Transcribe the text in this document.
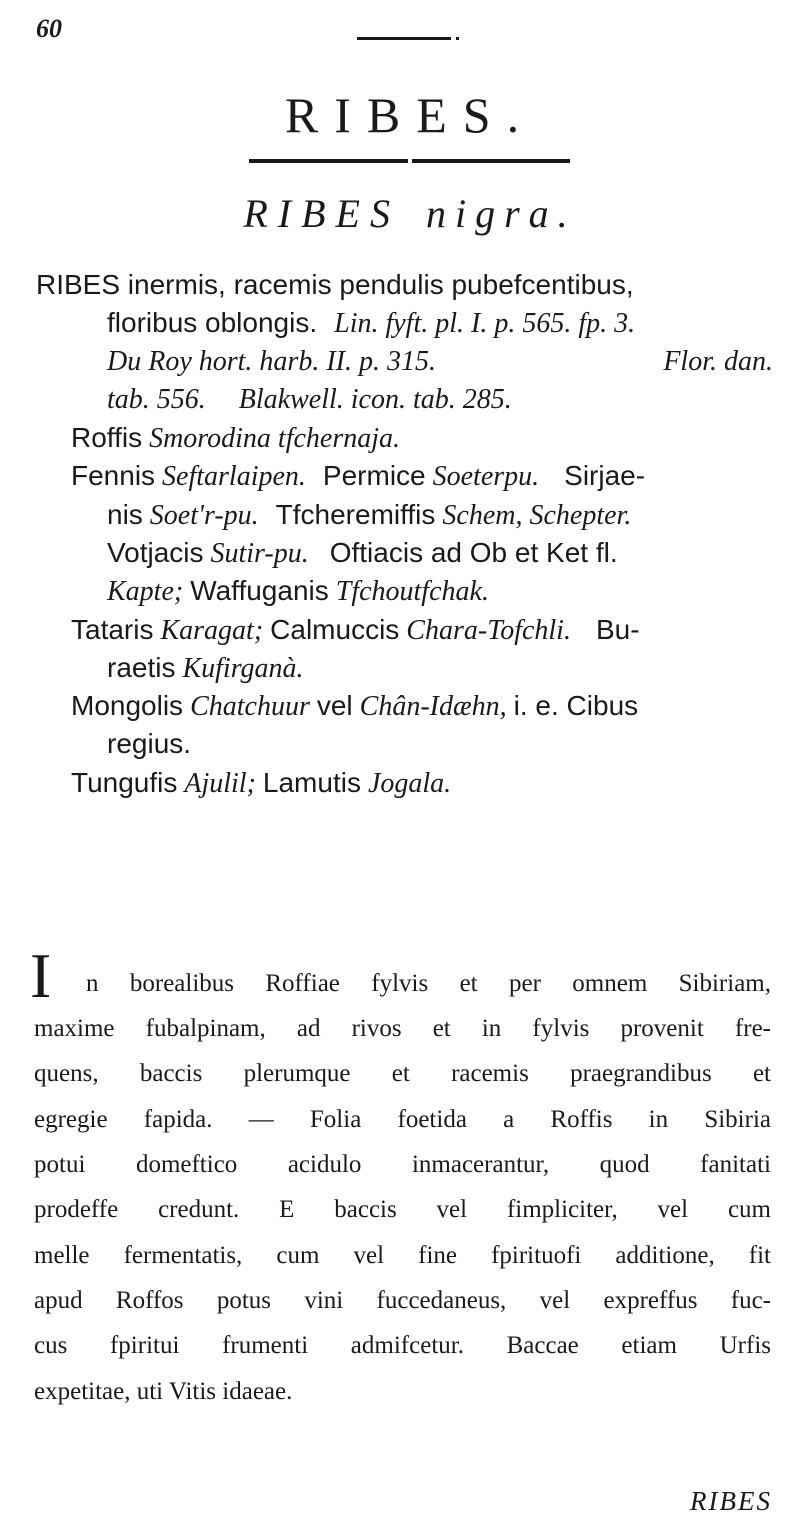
60
RIBES.
RIBES nigra.
RIBES inermis, racemis pendulis pubefcentibus,
floribus oblongis. Lin. fyft. pl. I. p. 565. fp. 3.
Du Roy hort. harb. II. p. 315.	Flor. dan.
tab. 556. Blakwell. icon. tab. 285.
Roffis Smorodina tfchernaja.
Fennis Seftarlaipen. Permice Soeterpu. Sirjae-
nis Soet'r-pu. Tfcheremiffis Schem, Schepter.
Votjacis Sutir-pu. Oftiacis ad Ob et Ket fl.
Kapte; Waffuganis Tfchoutfchak.
Tataris Karagat; Calmuccis Chara-Tofchli. Bu-
raetis Kufirganà.
Mongolis Chatchuur vel Chân-Idæhn, i. e. Cibus
regius.
Tungufis Ajulil; Lamutis Jogala.
I n borealibus Roffiae fylvis et per omnem Sibiriam,
maxime fubalpinam, ad rivos et in fylvis provenit fre-
quens, baccis plerumque et racemis praegrandibus et
egregie fapida. — Folia foetida a Roffis in Sibiria
potui domeftico acidulo inmacerantur, quod fanitati
prodeffe credunt. E baccis vel fimpliciter, vel cum
melle fermentatis, cum vel fine fpirituofi additione, fit
apud Roffos potus vini fuccedaneus, vel expreffus fuc-
cus fpiritui frumenti admifcetur. Baccae etiam Urfis
expetitae, uti Vitis idaeae.
RIBES
